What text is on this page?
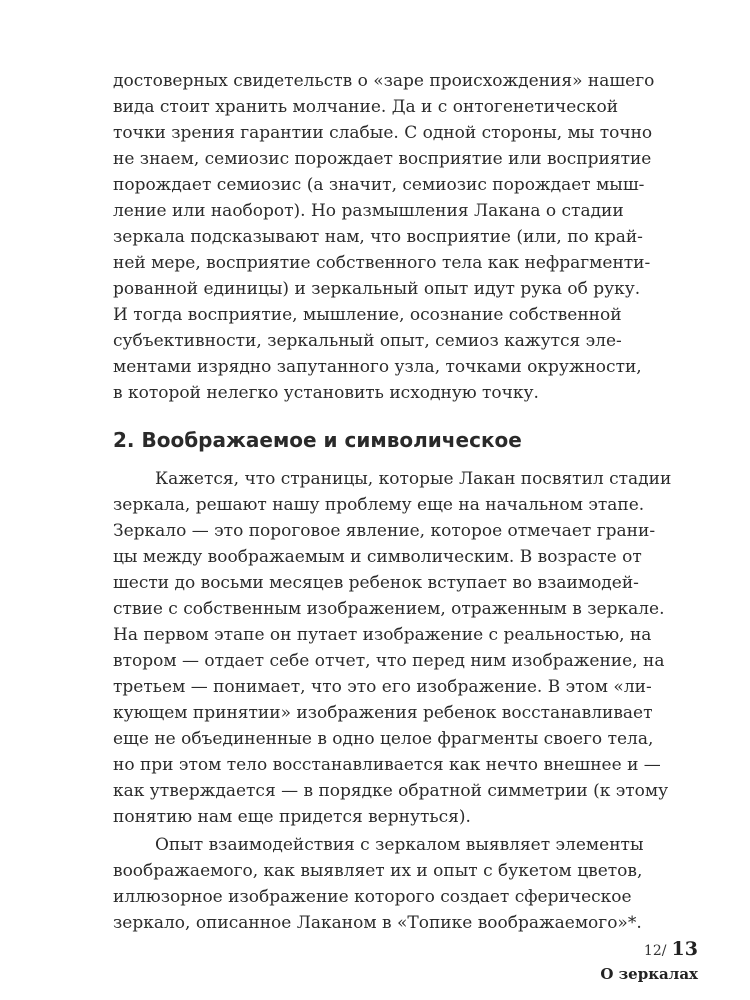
достоверных свидетельств о «заре происхождения» нашего
вида стоит хранить молчание. Да и с онтогенетической
точки зрения гарантии слабые. С одной стороны, мы точно
не знаем, семиозис порождает восприятие или восприятие
порождает семиозис (а значит, семиозис порождает мыш-
ление или наоборот). Но размышления Лакана о стадии
зеркала подсказывают нам, что восприятие (или, по край-
ней мере, восприятие собственного тела как нефрагменти-
рованной единицы) и зеркальный опыт идут рука об руку.
И тогда восприятие, мышление, осознание собственной
субъективности, зеркальный опыт, семиоз кажутся эле-
ментами изрядно запутанного узла, точками окружности,
в которой нелегко установить исходную точку.
2. Воображаемое и символическое
Кажется, что страницы, которые Лакан посвятил стадии
зеркала, решают нашу проблему еще на начальном этапе.
Зеркало — это пороговое явление, которое отмечает грани-
цы между воображаемым и символическим. В возрасте от
шести до восьми месяцев ребенок вступает во взаимодей-
ствие с собственным изображением, отраженным в зеркале.
На первом этапе он путает изображение с реальностью, на
втором — отдает себе отчет, что перед ним изображение, на
третьем — понимает, что это его изображение. В этом «ли-
кующем принятии» изображения ребенок восстанавливает
еще не объединенные в одно целое фрагменты своего тела,
но при этом тело восстанавливается как нечто внешнее и —
как утверждается — в порядке обратной симметрии (к этому
понятию нам еще придется вернуться).
Опыт взаимодействия с зеркалом выявляет элементы
воображаемого, как выявляет их и опыт с букетом цветов,
иллюзорное изображение которого создает сферическое
зеркало, описанное Лаканом в «Топике воображаемого»*.
12/ 13
О зеркалах
